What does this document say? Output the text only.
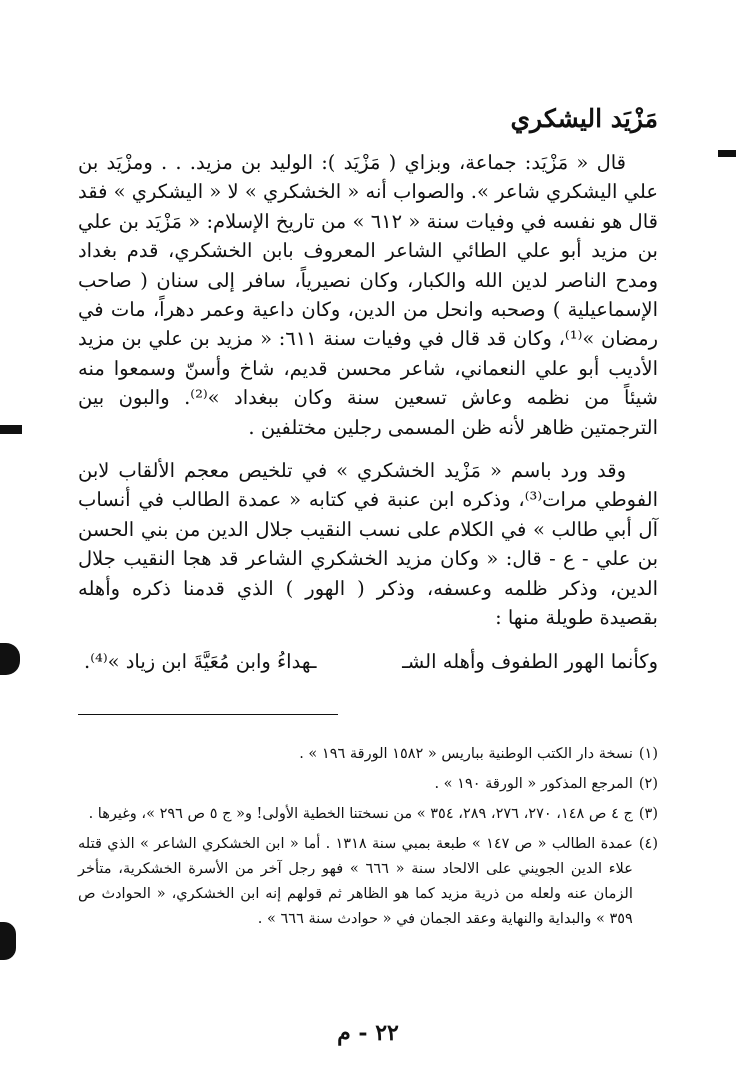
مَزْيَد اليشكري

قال « مَزْيَد: جماعة، وبزاي ( مَزْيَد ): الوليد بن مزيد. . . ومزْيَد بن علي اليشكري شاعر ». والصواب أنه « الخشكري » لا « اليشكري » فقد قال هو نفسه في وفيات سنة « ٦١٢ » من تاريخ الإسلام: « مَزْيَد بن علي بن مزيد أبو علي الطائي الشاعر المعروف بابن الخشكري، قدم بغداد ومدح الناصر لدين الله والكبار، وكان نصيرياً، سافر إلى سنان ( صاحب الإسماعيلية ) وصحبه وانحل من الدين، وكان داعية وعمر دهراً، مات في رمضان »⁽¹⁾، وكان قد قال في وفيات سنة ٦١١: « مزيد بن علي بن مزيد الأديب أبو علي النعماني، شاعر محسن قديم، شاخ وأسنّ وسمعوا منه شيئاً من نظمه وعاش تسعين سنة وكان ببغداد »⁽²⁾. والبون بين الترجمتين ظاهر لأنه ظن المسمى رجلين مختلفين .

وقد ورد باسم « مَزْيد الخشكري » في تلخيص معجم الألقاب لابن الفوطي مرات⁽³⁾، وذكره ابن عنبة في كتابه « عمدة الطالب في أنساب آل أبي طالب » في الكلام على نسب النقيب جلال الدين من بني الحسن بن علي - ع - قال: « وكان مزيد الخشكري الشاعر قد هجا النقيب جلال الدين، وذكر ظلمه وعسفه، وذكر ( الهور ) الذي قدمنا ذكره وأهله بقصيدة طويلة منها :

وكأنما الهور الطفوف وأهله الشـ
ـهداءُ وابن مُعَيَّةَ ابن زياد »⁽⁴⁾.
(١)
نسخة دار الكتب الوطنية بباريس « ١٥٨٢ الورقة ١٩٦ » .
(٢)
المرجع المذكور « الورقة ١٩٠ » .
(٣)
ج ٤ ص ١٤٨، ٢٧٠، ٢٧٦، ٢٨٩، ٣٥٤ » من نسختنا الخطية الأولى! و« ج ٥ ص ٢٩٦ »، وغيرها .
(٤)
عمدة الطالب « ص ١٤٧ » طبعة بمبي سنة ١٣١٨ . أما « ابن الخشكري الشاعر » الذي قتله علاء الدين الجويني على الالحاد سنة « ٦٦٦ » فهو رجل آخر من الأسرة الخشكرية، متأخر الزمان عنه ولعله من ذرية مزيد كما هو الظاهر ثم قولهم إنه ابن الخشكري، « الحوادث ص ٣٥٩ » والبداية والنهاية وعقد الجمان في « حوادث سنة ٦٦٦ » .
٢٢ - م
